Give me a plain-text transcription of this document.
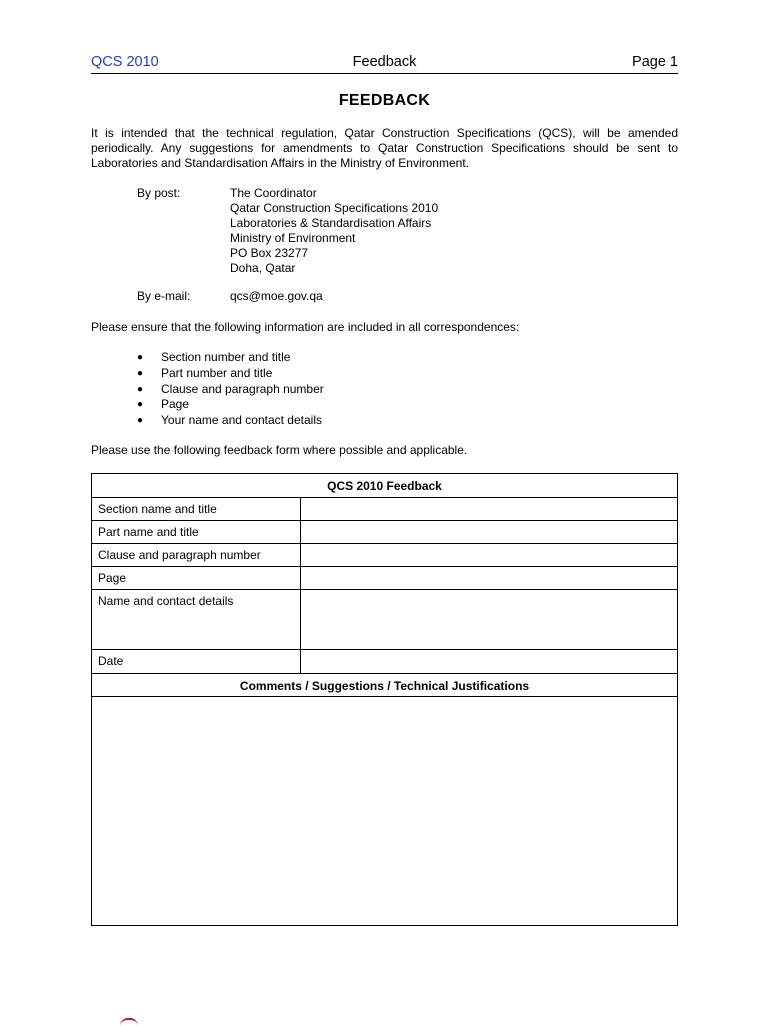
QCS 2010	Feedback	Page 1
FEEDBACK
It is intended that the technical regulation, Qatar Construction Specifications (QCS), will be amended periodically. Any suggestions for amendments to Qatar Construction Specifications should be sent to Laboratories and Standardisation Affairs in the Ministry of Environment.
By post:	The Coordinator
Qatar Construction Specifications 2010
Laboratories & Standardisation Affairs
Ministry of Environment
PO Box 23277
Doha, Qatar
By e-mail:	qcs@moe.gov.qa
Please ensure that the following information are included in all correspondences:
● Section number and title
● Part number and title
● Clause and paragraph number
● Page
● Your name and contact details
Please use the following feedback form where possible and applicable.
QCS 2010 Feedback
Section name and title
Part name and title
Clause and paragraph number
Page
Name and contact details
Date
Comments / Suggestions / Technical Justifications
